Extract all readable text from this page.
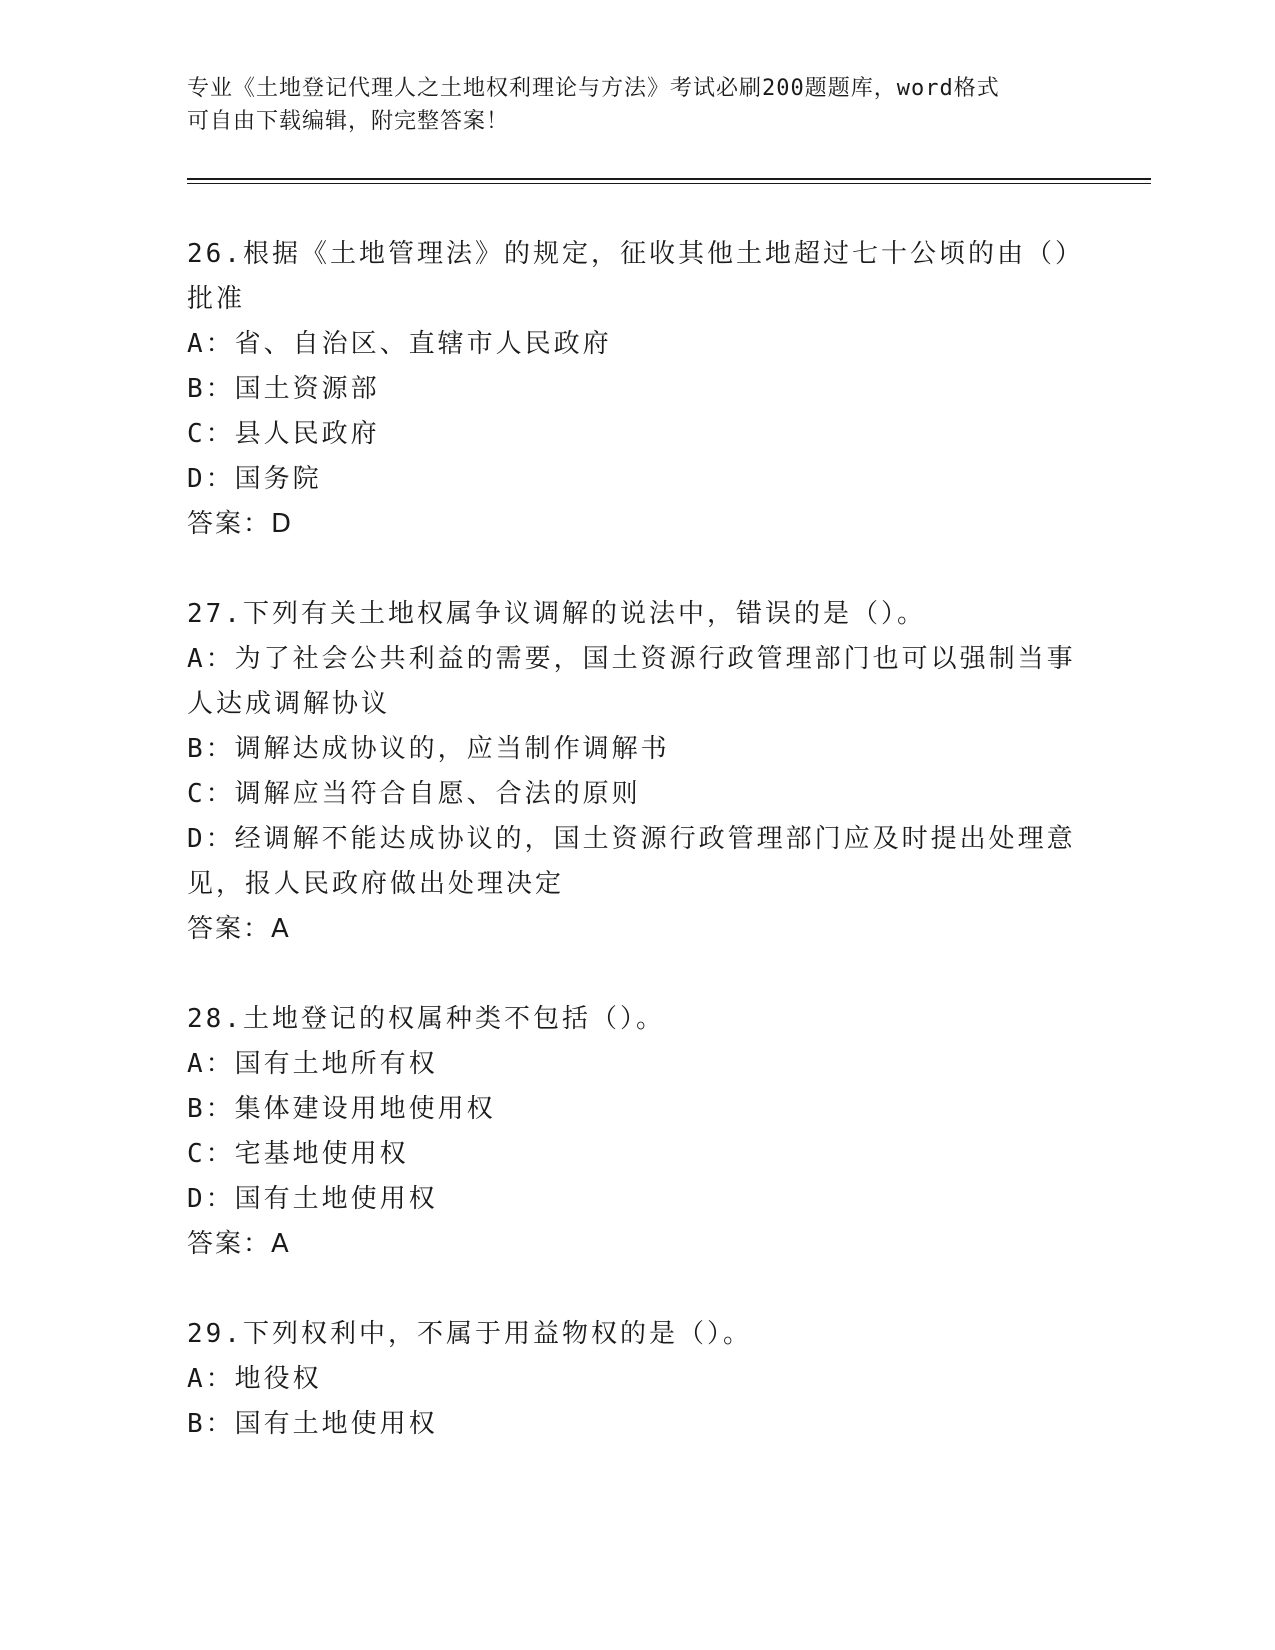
专业《土地登记代理人之土地权利理论与方法》考试必刷200题题库，word格式
可自由下载编辑，附完整答案！
26.根据《土地管理法》的规定，征收其他土地超过七十公顷的由（）批准
A：省、自治区、直辖市人民政府
B：国土资源部
C：县人民政府
D：国务院
答案：D
27.下列有关土地权属争议调解的说法中，错误的是（）。
A：为了社会公共利益的需要，国土资源行政管理部门也可以强制当事人达成调解协议
B：调解达成协议的，应当制作调解书
C：调解应当符合自愿、合法的原则
D：经调解不能达成协议的，国土资源行政管理部门应及时提出处理意见，报人民政府做出处理决定
答案：A
28.土地登记的权属种类不包括（）。
A：国有土地所有权
B：集体建设用地使用权
C：宅基地使用权
D：国有土地使用权
答案：A
29.下列权利中，不属于用益物权的是（）。
A：地役权
B：国有土地使用权
